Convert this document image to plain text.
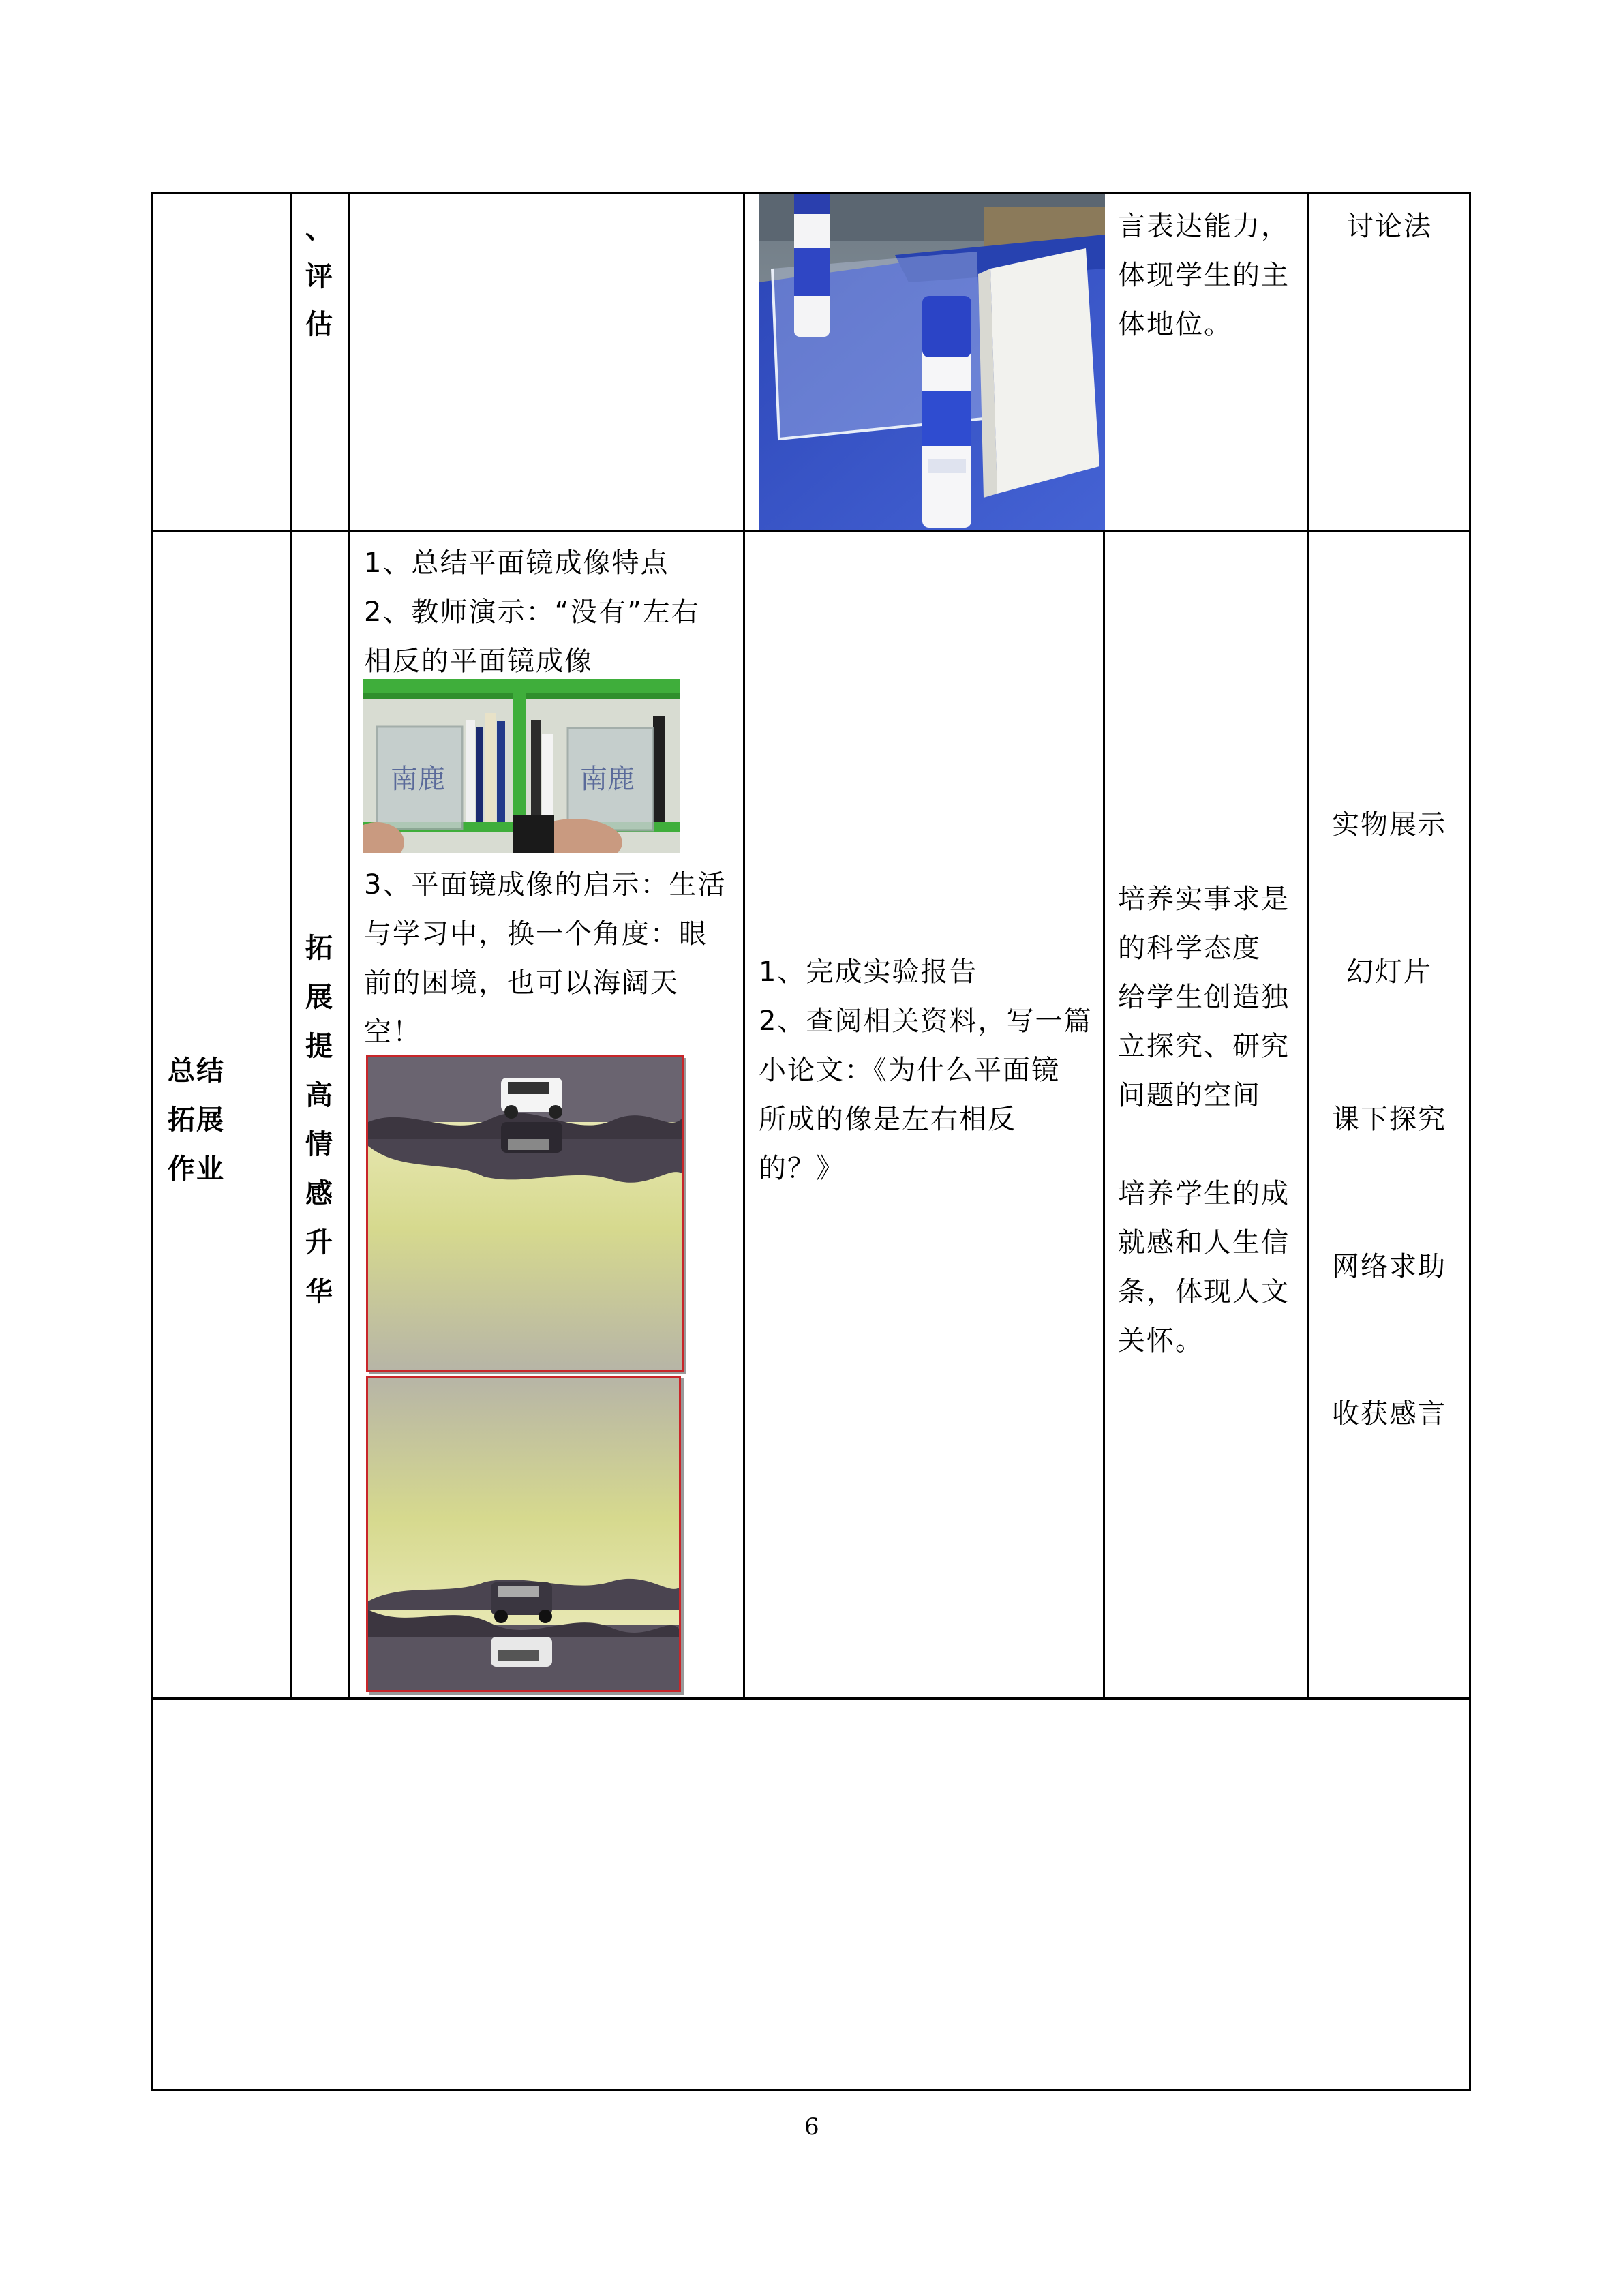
、
评
估
言表达能力，
体现学生的主
体地位。
讨论法
总结
拓展
作业
拓
展
提
高
情
感
升
华
1、总结平面镜成像特点
2、教师演示：“没有”左右
相反的平面镜成像
南鹿	南鹿
3、平面镜成像的启示：生活
与学习中，换一个角度：眼
前的困境，也可以海阔天
空！
1、完成实验报告
2、查阅相关资料，写一篇
小论文：《为什么平面镜
所成的像是左右相反
的？》
培养实事求是
的科学态度
给学生创造独
立探究、研究
问题的空间
培养学生的成
就感和人生信
条，体现人文
关怀。
实物展示
幻灯片
课下探究
网络求助
收获感言
6
